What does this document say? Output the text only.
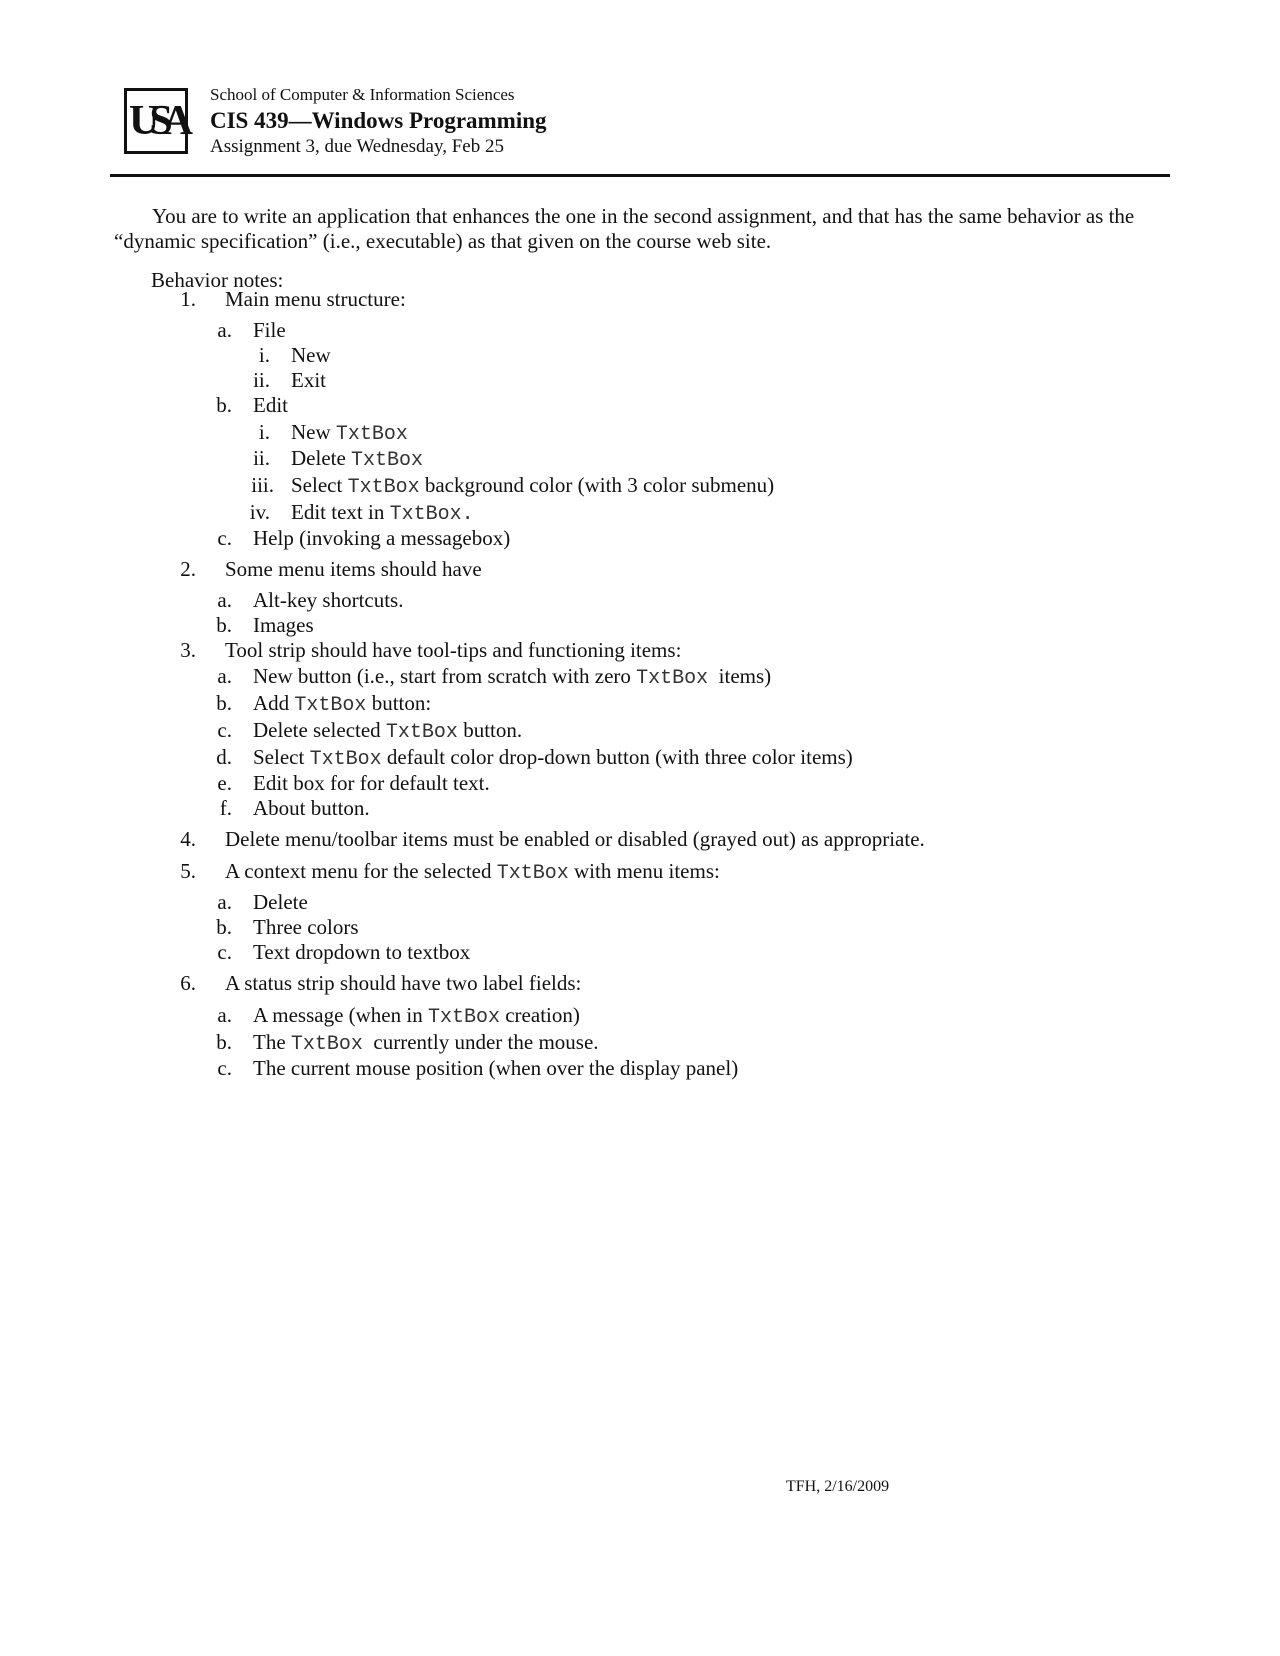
USA
School of Computer & Information Sciences
CIS 439—Windows Programming
Assignment 3, due Wednesday, Feb 25
You are to write an application that enhances the one in the second assignment, and that has the same behavior as the “dynamic specification” (i.e., executable) as that given on the course web site.
Behavior notes:
1. Main menu structure:
a. File
i. New
ii. Exit
b. Edit
i. New TxtBox
ii. Delete TxtBox
iii. Select TxtBox background color (with 3 color submenu)
iv. Edit text in TxtBox.
c. Help (invoking a messagebox)
2. Some menu items should have
a. Alt-key shortcuts.
b. Images
3. Tool strip should have tool-tips and functioning items:
a. New button (i.e., start from scratch with zero TxtBox  items)
b. Add TxtBox button:
c. Delete selected TxtBox button.
d. Select TxtBox default color drop-down button (with three color items)
e. Edit box for for default text.
f. About button.
4. Delete menu/toolbar items must be enabled or disabled (grayed out) as appropriate.
5. A context menu for the selected TxtBox with menu items:
a. Delete
b. Three colors
c. Text dropdown to textbox
6. A status strip should have two label fields:
a. A message (when in TxtBox creation)
b. The TxtBox  currently under the mouse.
c. The current mouse position (when over the display panel)
TFH, 2/16/2009
